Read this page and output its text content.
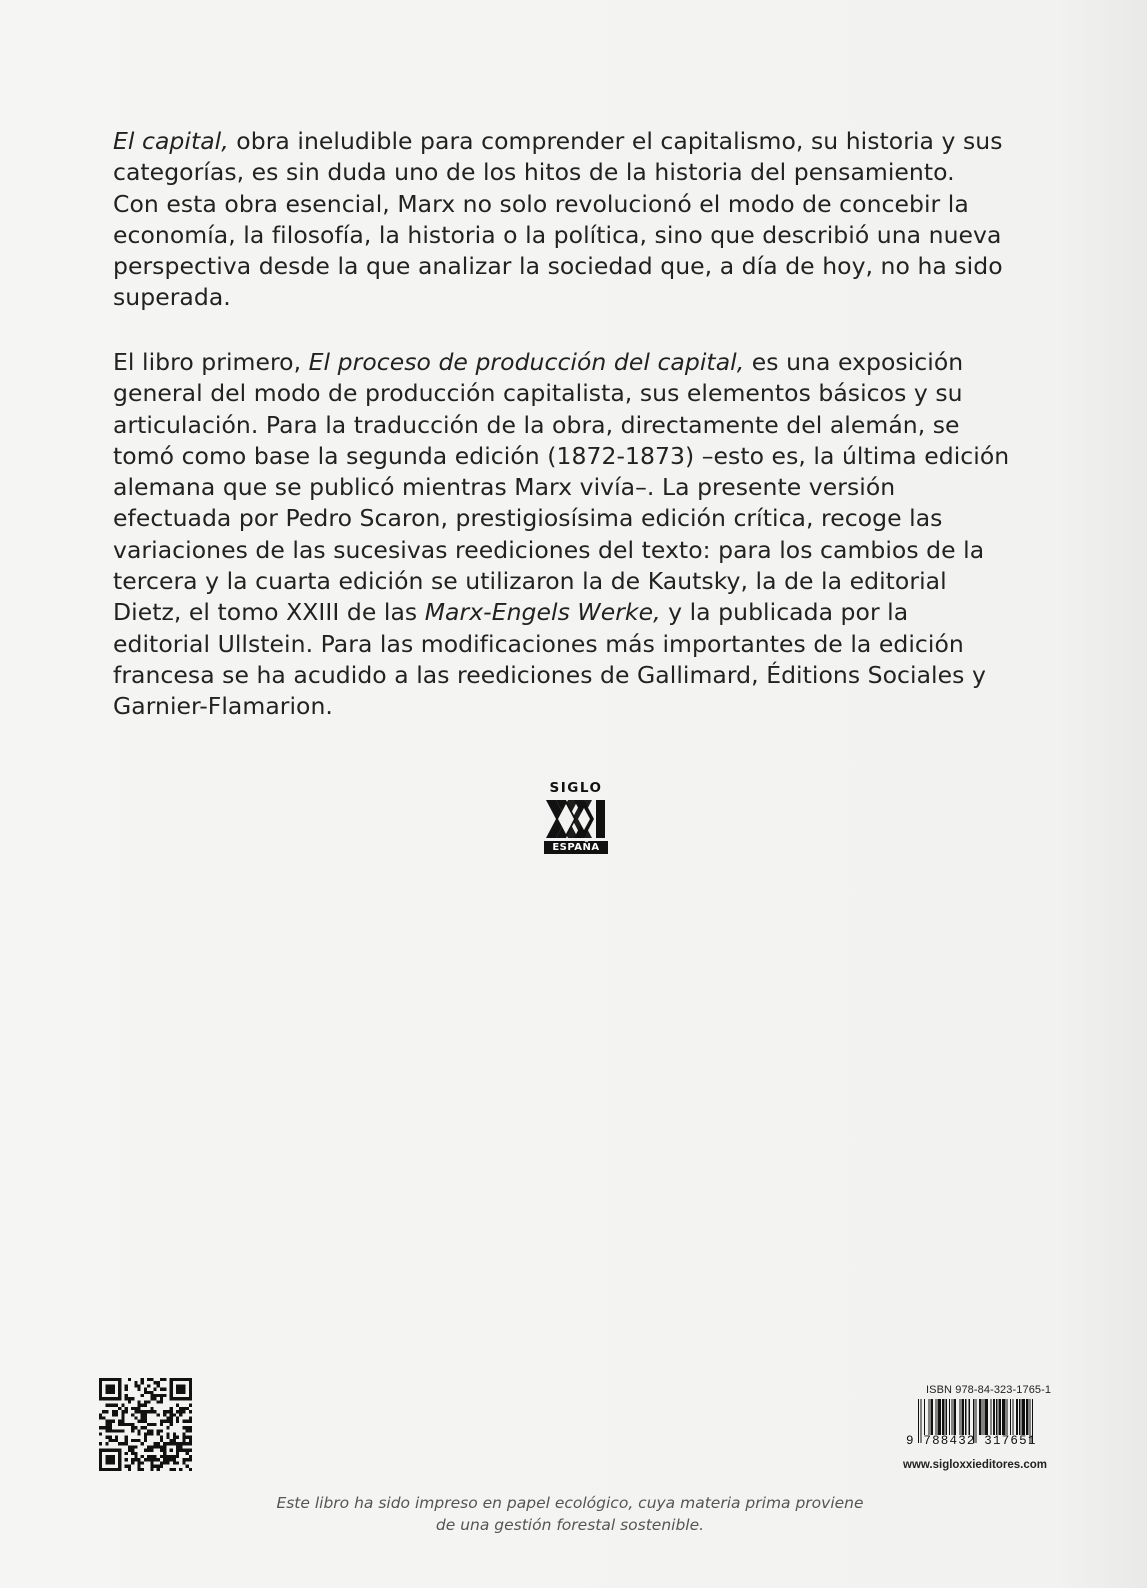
El capital, obra ineludible para comprender el capitalismo, su historia y sus
categorías, es sin duda uno de los hitos de la historia del pensamiento.
Con esta obra esencial, Marx no solo revolucionó el modo de concebir la
economía, la filosofía, la historia o la política, sino que describió una nueva
perspectiva desde la que analizar la sociedad que, a día de hoy, no ha sido
superada.
El libro primero, El proceso de producción del capital, es una exposición
general del modo de producción capitalista, sus elementos básicos y su
articulación. Para la traducción de la obra, directamente del alemán, se
tomó como base la segunda edición (1872-1873) –esto es, la última edición
alemana que se publicó mientras Marx vivía–. La presente versión
efectuada por Pedro Scaron, prestigiosísima edición crítica, recoge las
variaciones de las sucesivas reediciones del texto: para los cambios de la
tercera y la cuarta edición se utilizaron la de Kautsky, la de la editorial
Dietz, el tomo XXIII de las Marx-Engels Werke, y la publicada por la
editorial Ullstein. Para las modificaciones más importantes de la edición
francesa se ha acudido a las reediciones de Gallimard, Éditions Sociales y
Garnier-Flamarion.
SIGLO
ESPAÑA
ISBN 978-84-323-1765-1
9 788432 317651
www.sigloxxieditores.com
Este libro ha sido impreso en papel ecológico, cuya materia prima proviene
de una gestión forestal sostenible.
